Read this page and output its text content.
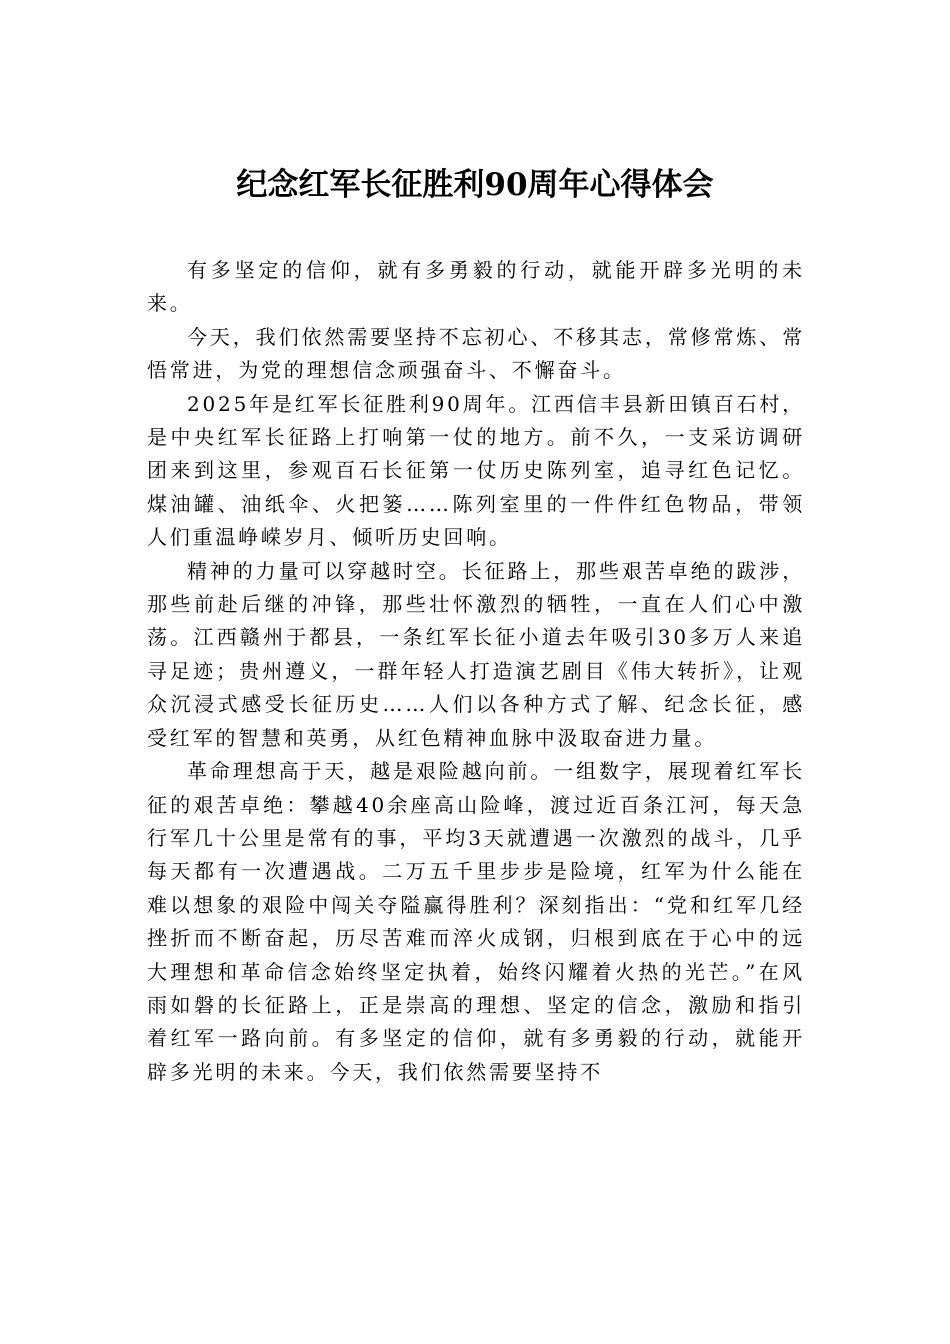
纪念红军长征胜利90周年心得体会

有多坚定的信仰，就有多勇毅的行动，就能开辟多光明的未来。

今天，我们依然需要坚持不忘初心、不移其志，常修常炼、常悟常进，为党的理想信念顽强奋斗、不懈奋斗。

2025年是红军长征胜利90周年。江西信丰县新田镇百石村，是中央红军长征路上打响第一仗的地方。前不久，一支采访调研团来到这里，参观百石长征第一仗历史陈列室，追寻红色记忆。煤油罐、油纸伞、火把篓……陈列室里的一件件红色物品，带领人们重温峥嵘岁月、倾听历史回响。

精神的力量可以穿越时空。长征路上，那些艰苦卓绝的跋涉，那些前赴后继的冲锋，那些壮怀激烈的牺牲，一直在人们心中激荡。江西赣州于都县，一条红军长征小道去年吸引30多万人来追寻足迹；贵州遵义，一群年轻人打造演艺剧目《伟大转折》，让观众沉浸式感受长征历史……人们以各种方式了解、纪念长征，感受红军的智慧和英勇，从红色精神血脉中汲取奋进力量。

革命理想高于天，越是艰险越向前。一组数字，展现着红军长征的艰苦卓绝：攀越40余座高山险峰，渡过近百条江河，每天急行军几十公里是常有的事，平均3天就遭遇一次激烈的战斗，几乎每天都有一次遭遇战。二万五千里步步是险境，红军为什么能在难以想象的艰险中闯关夺隘赢得胜利？深刻指出：“党和红军几经挫折而不断奋起，历尽苦难而淬火成钢，归根到底在于心中的远大理想和革命信念始终坚定执着，始终闪耀着火热的光芒。”在风雨如磐的长征路上，正是崇高的理想、坚定的信念，激励和指引着红军一路向前。有多坚定的信仰，就有多勇毅的行动，就能开辟多光明的未来。今天，我们依然需要坚持不
